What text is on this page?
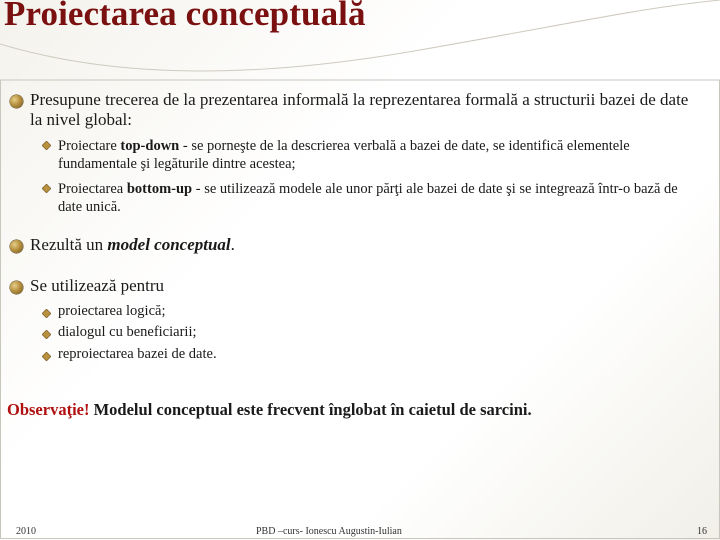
Proiectarea conceptuală
Presupune trecerea de la prezentarea informală la reprezentarea formală a structurii bazei de date la nivel global:
Proiectare top-down - se porneşte de la descrierea verbală a bazei de date, se identifică elementele fundamentale şi legăturile dintre acestea;
Proiectarea bottom-up - se utilizează modele ale unor părţi ale bazei de date şi se integrează într-o bază de date unică.
Rezultă un model conceptual.
Se utilizează pentru
proiectarea logică;
dialogul cu beneficiarii;
reproiectarea bazei de date.
Observaţie! Modelul conceptual este frecvent înglobat în caietul de sarcini.
2010	PBD –curs- Ionescu Augustin-Iulian	16
